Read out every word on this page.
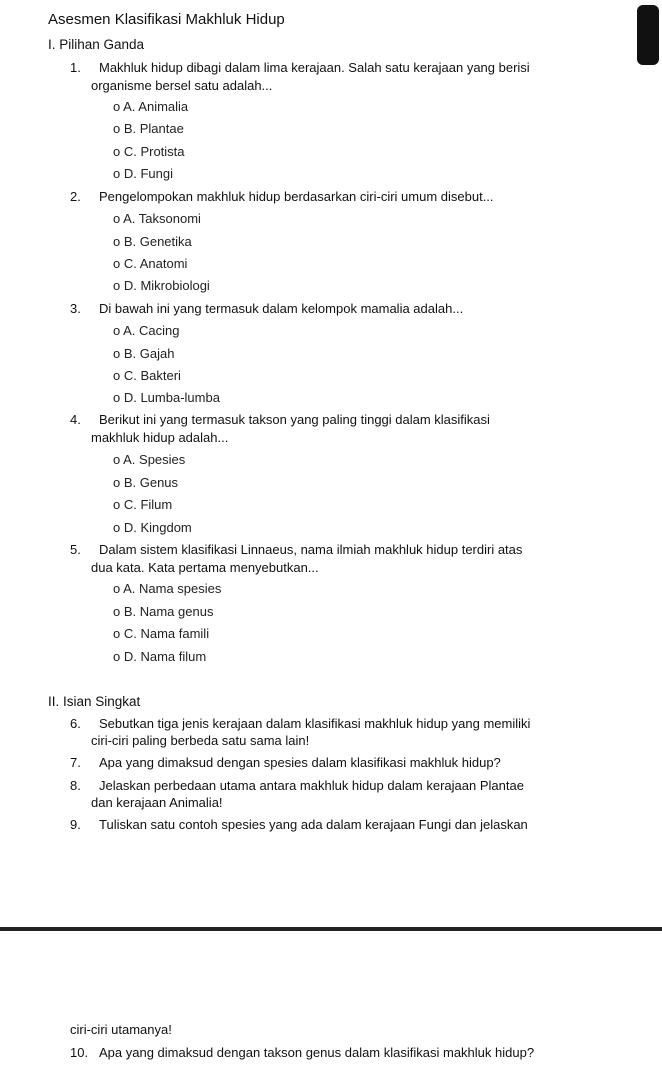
Asesmen Klasifikasi Makhluk Hidup
I. Pilihan Ganda
1. Makhluk hidup dibagi dalam lima kerajaan. Salah satu kerajaan yang berisi
organisme bersel satu adalah...
o A. Animalia
o B. Plantae
o C. Protista
o D. Fungi
2. Pengelompokan makhluk hidup berdasarkan ciri-ciri umum disebut...
o A. Taksonomi
o B. Genetika
o C. Anatomi
o D. Mikrobiologi
3. Di bawah ini yang termasuk dalam kelompok mamalia adalah...
o A. Cacing
o B. Gajah
o C. Bakteri
o D. Lumba-lumba
4. Berikut ini yang termasuk takson yang paling tinggi dalam klasifikasi
makhluk hidup adalah...
o A. Spesies
o B. Genus
o C. Filum
o D. Kingdom
5. Dalam sistem klasifikasi Linnaeus, nama ilmiah makhluk hidup terdiri atas
dua kata. Kata pertama menyebutkan...
o A. Nama spesies
o B. Nama genus
o C. Nama famili
o D. Nama filum
II. Isian Singkat
6. Sebutkan tiga jenis kerajaan dalam klasifikasi makhluk hidup yang memiliki
ciri-ciri paling berbeda satu sama lain!
7. Apa yang dimaksud dengan spesies dalam klasifikasi makhluk hidup?
8. Jelaskan perbedaan utama antara makhluk hidup dalam kerajaan Plantae
dan kerajaan Animalia!
9. Tuliskan satu contoh spesies yang ada dalam kerajaan Fungi dan jelaskan
ciri-ciri utamanya!
10. Apa yang dimaksud dengan takson genus dalam klasifikasi makhluk hidup?
